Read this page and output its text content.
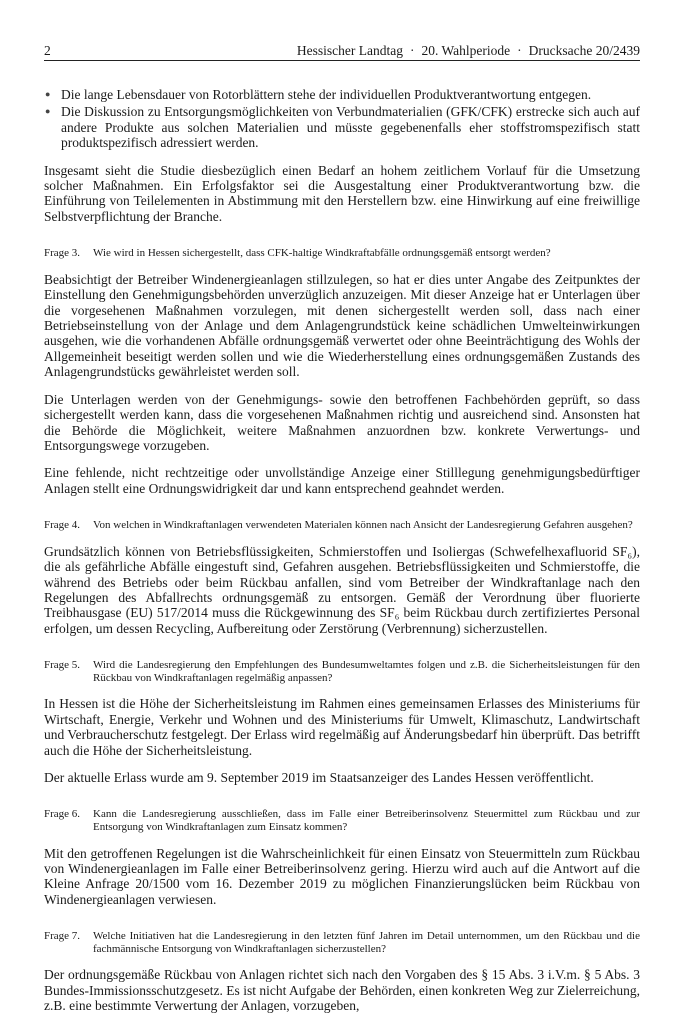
2	Hessischer Landtag · 20. Wahlperiode · Drucksache 20/2439
● Die lange Lebensdauer von Rotorblättern stehe der individuellen Produktverantwortung entgegen.
● Die Diskussion zu Entsorgungsmöglichkeiten von Verbundmaterialien (GFK/CFK) erstrecke sich auch auf andere Produkte aus solchen Materialien und müsste gegebenenfalls eher stoffstromspezifisch statt produktspezifisch adressiert werden.

Insgesamt sieht die Studie diesbezüglich einen Bedarf an hohem zeitlichem Vorlauf für die Umsetzung solcher Maßnahmen. Ein Erfolgsfaktor sei die Ausgestaltung einer Produktverantwortung bzw. die Einführung von Teilelementen in Abstimmung mit den Herstellern bzw. eine Hinwirkung auf eine freiwillige Selbstverpflichtung der Branche.

Frage 3.	Wie wird in Hessen sichergestellt, dass CFK-haltige Windkraftabfälle ordnungsgemäß entsorgt werden?

Beabsichtigt der Betreiber Windenergieanlagen stillzulegen, so hat er dies unter Angabe des Zeitpunktes der Einstellung den Genehmigungsbehörden unverzüglich anzuzeigen. Mit dieser Anzeige hat er Unterlagen über die vorgesehenen Maßnahmen vorzulegen, mit denen sichergestellt werden soll, dass nach einer Betriebseinstellung von der Anlage und dem Anlagengrundstück keine schädlichen Umwelteinwirkungen ausgehen, wie die vorhandenen Abfälle ordnungsgemäß verwertet oder ohne Beeinträchtigung des Wohls der Allgemeinheit beseitigt werden sollen und wie die Wiederherstellung eines ordnungsgemäßen Zustands des Anlagengrundstücks gewährleistet werden soll.

Die Unterlagen werden von der Genehmigungs- sowie den betroffenen Fachbehörden geprüft, so dass sichergestellt werden kann, dass die vorgesehenen Maßnahmen richtig und ausreichend sind. Ansonsten hat die Behörde die Möglichkeit, weitere Maßnahmen anzuordnen bzw. konkrete Verwertungs- und Entsorgungswege vorzugeben.

Eine fehlende, nicht rechtzeitige oder unvollständige Anzeige einer Stilllegung genehmigungsbedürftiger Anlagen stellt eine Ordnungswidrigkeit dar und kann entsprechend geahndet werden.

Frage 4.	Von welchen in Windkraftanlagen verwendeten Materialen können nach Ansicht der Landesregierung Gefahren ausgehen?

Grundsätzlich können von Betriebsflüssigkeiten, Schmierstoffen und Isoliergas (Schwefelhexafluorid SF₆), die als gefährliche Abfälle eingestuft sind, Gefahren ausgehen. Betriebsflüssigkeiten und Schmierstoffe, die während des Betriebs oder beim Rückbau anfallen, sind vom Betreiber der Windkraftanlage nach den Regelungen des Abfallrechts ordnungsgemäß zu entsorgen. Gemäß der Verordnung über fluorierte Treibhausgase (EU) 517/2014 muss die Rückgewinnung des SF₆ beim Rückbau durch zertifiziertes Personal erfolgen, um dessen Recycling, Aufbereitung oder Zerstörung (Verbrennung) sicherzustellen.

Frage 5.	Wird die Landesregierung den Empfehlungen des Bundesumweltamtes folgen und z.B. die Sicherheitsleistungen für den Rückbau von Windkraftanlagen regelmäßig anpassen?

In Hessen ist die Höhe der Sicherheitsleistung im Rahmen eines gemeinsamen Erlasses des Ministeriums für Wirtschaft, Energie, Verkehr und Wohnen und des Ministeriums für Umwelt, Klimaschutz, Landwirtschaft und Verbraucherschutz festgelegt. Der Erlass wird regelmäßig auf Änderungsbedarf hin überprüft. Das betrifft auch die Höhe der Sicherheitsleistung.

Der aktuelle Erlass wurde am 9. September 2019 im Staatsanzeiger des Landes Hessen veröffentlicht.

Frage 6.	Kann die Landesregierung ausschließen, dass im Falle einer Betreiberinsolvenz Steuermittel zum Rückbau und zur Entsorgung von Windkraftanlagen zum Einsatz kommen?

Mit den getroffenen Regelungen ist die Wahrscheinlichkeit für einen Einsatz von Steuermitteln zum Rückbau von Windenergieanlagen im Falle einer Betreiberinsolvenz gering. Hierzu wird auch auf die Antwort auf die Kleine Anfrage 20/1500 vom 16. Dezember 2019 zu möglichen Finanzierungslücken beim Rückbau von Windenergieanlagen verwiesen.

Frage 7.	Welche Initiativen hat die Landesregierung in den letzten fünf Jahren im Detail unternommen, um den Rückbau und die fachmännische Entsorgung von Windkraftanlagen sicherzustellen?

Der ordnungsgemäße Rückbau von Anlagen richtet sich nach den Vorgaben des § 15 Abs. 3 i.V.m. § 5 Abs. 3 Bundes-Immissionsschutzgesetz. Es ist nicht Aufgabe der Behörden, einen konkreten Weg zur Zielerreichung, z.B. eine bestimmte Verwertung der Anlagen, vorzugeben,
